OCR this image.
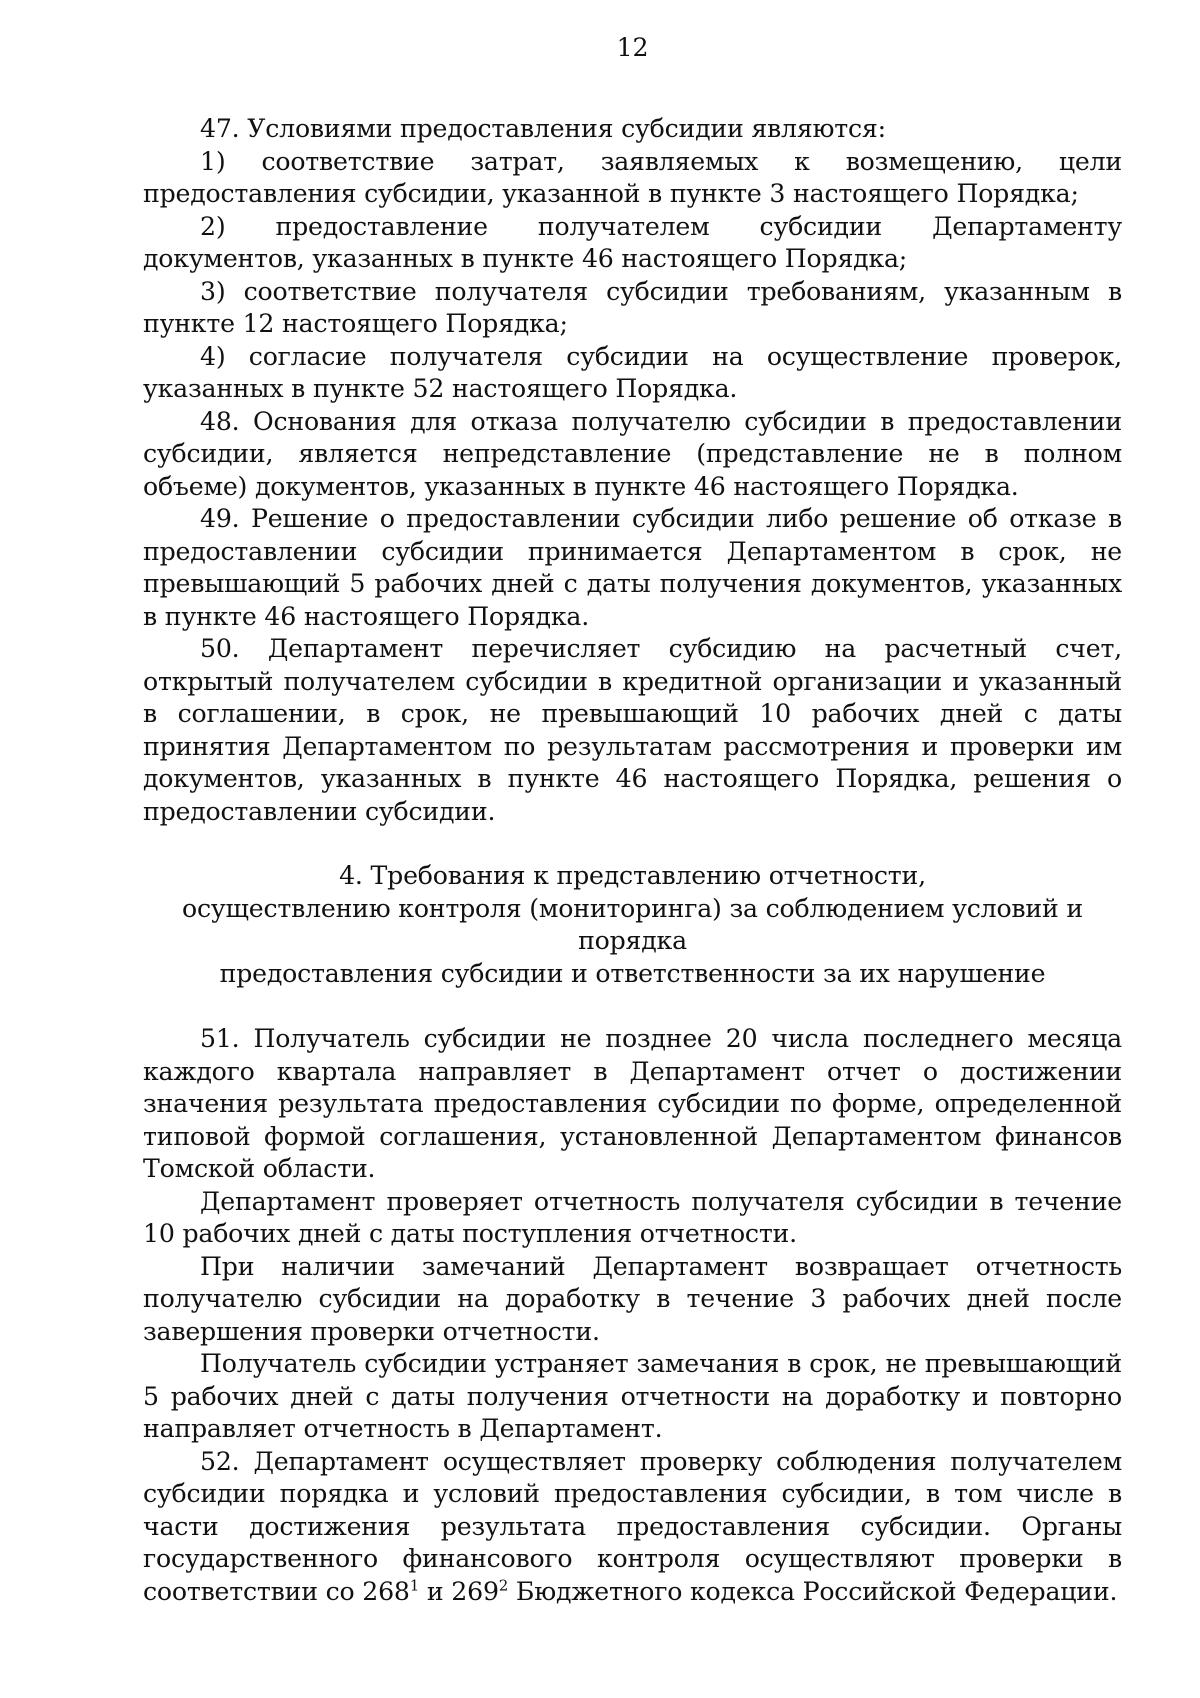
12

47. Условиями предоставления субсидии являются:

1) соответствие затрат, заявляемых к возмещению, цели предоставления субсидии, указанной в пункте 3 настоящего Порядка;

2) предоставление получателем субсидии Департаменту документов, указанных в пункте 46 настоящего Порядка;

3) соответствие получателя субсидии требованиям, указанным в пункте 12 настоящего Порядка;

4) согласие получателя субсидии на осуществление проверок, указанных в пункте 52 настоящего Порядка.

48. Основания для отказа получателю субсидии в предоставлении субсидии, является непредставление (представление не в полном объеме) документов, указанных в пункте 46 настоящего Порядка.

49. Решение о предоставлении субсидии либо решение об отказе в предоставлении субсидии принимается Департаментом в срок, не превышающий 5 рабочих дней с даты получения документов, указанных в пункте 46 настоящего Порядка.

50. Департамент перечисляет субсидию на расчетный счет, открытый получателем субсидии в кредитной организации и указанный в соглашении, в срок, не превышающий 10 рабочих дней с даты принятия Департаментом по результатам рассмотрения и проверки им документов, указанных в пункте 46 настоящего Порядка, решения о предоставлении субсидии.

4. Требования к представлению отчетности,

осуществлению контроля (мониторинга) за соблюдением условий и порядка

предоставления субсидии и ответственности за их нарушение

51. Получатель субсидии не позднее 20 числа последнего месяца каждого квартала направляет в Департамент отчет о достижении значения результата предоставления субсидии по форме, определенной типовой формой соглашения, установленной Департаментом финансов Томской области.

Департамент проверяет отчетность получателя субсидии в течение 10 рабочих дней с даты поступления отчетности.

При наличии замечаний Департамент возвращает отчетность получателю субсидии на доработку в течение 3 рабочих дней после завершения проверки отчетности.

Получатель субсидии устраняет замечания в срок, не превышающий 5 рабочих дней с даты получения отчетности на доработку и повторно направляет отчетность в Департамент.

52. Департамент осуществляет проверку соблюдения получателем субсидии порядка и условий предоставления субсидии, в том числе в части достижения результата предоставления субсидии. Органы государственного финансового контроля осуществляют проверки в соответствии со $268^1$ и $269^2$ Бюджетного кодекса Российской Федерации.
